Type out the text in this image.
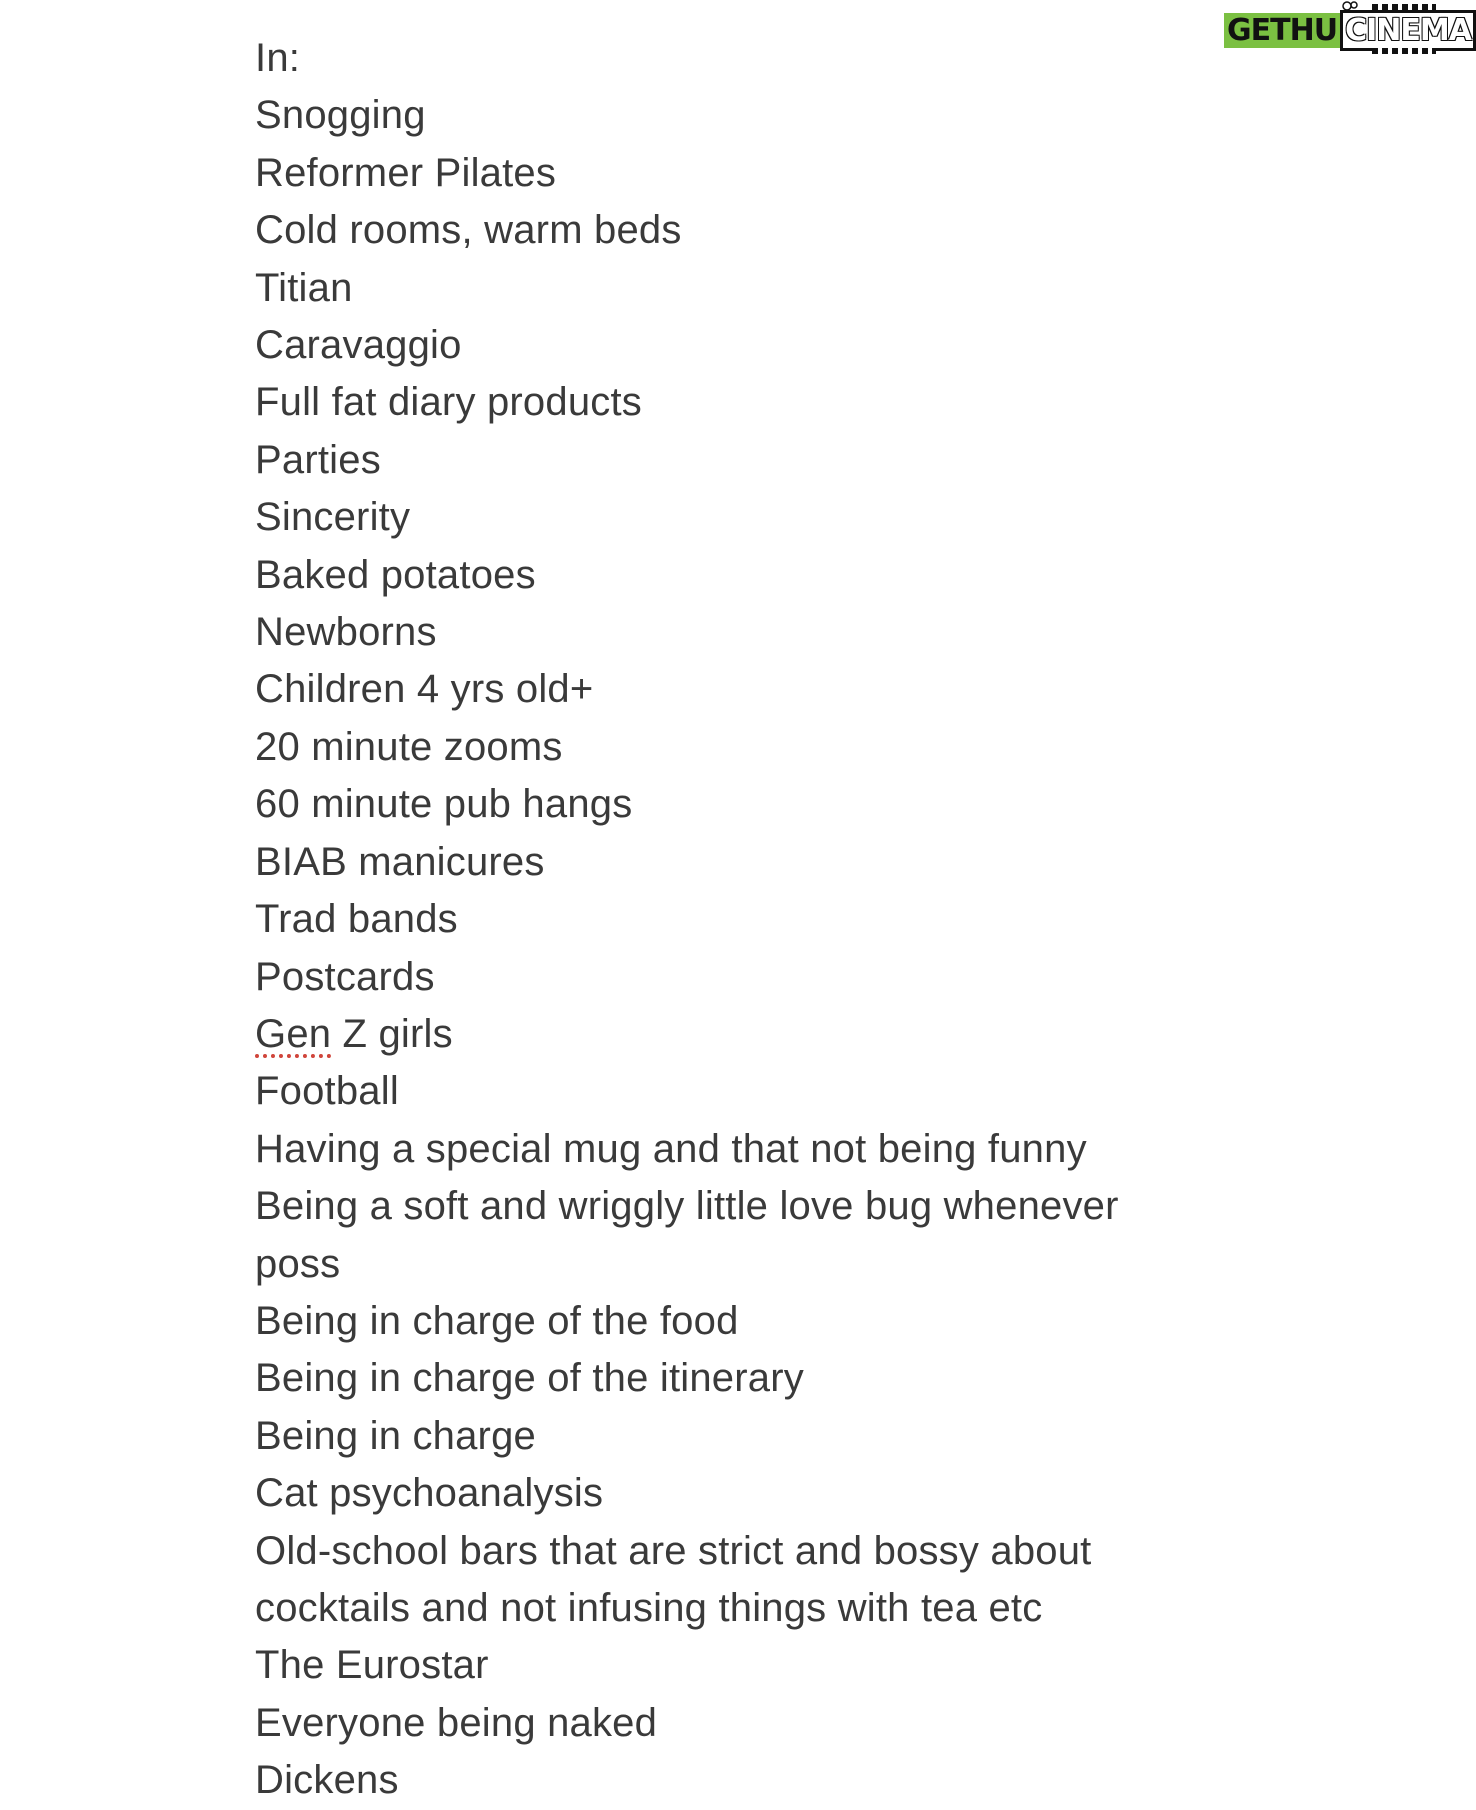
GETHU CINEMA
In:
Snogging
Reformer Pilates
Cold rooms, warm beds
Titian
Caravaggio
Full fat diary products
Parties
Sincerity
Baked potatoes
Newborns
Children 4 yrs old+
20 minute zooms
60 minute pub hangs
BIAB manicures
Trad bands
Postcards
Gen Z girls
Football
Having a special mug and that not being funny
Being a soft and wriggly little love bug whenever
poss
Being in charge of the food
Being in charge of the itinerary
Being in charge
Cat psychoanalysis
Old-school bars that are strict and bossy about
cocktails and not infusing things with tea etc
The Eurostar
Everyone being naked
Dickens
